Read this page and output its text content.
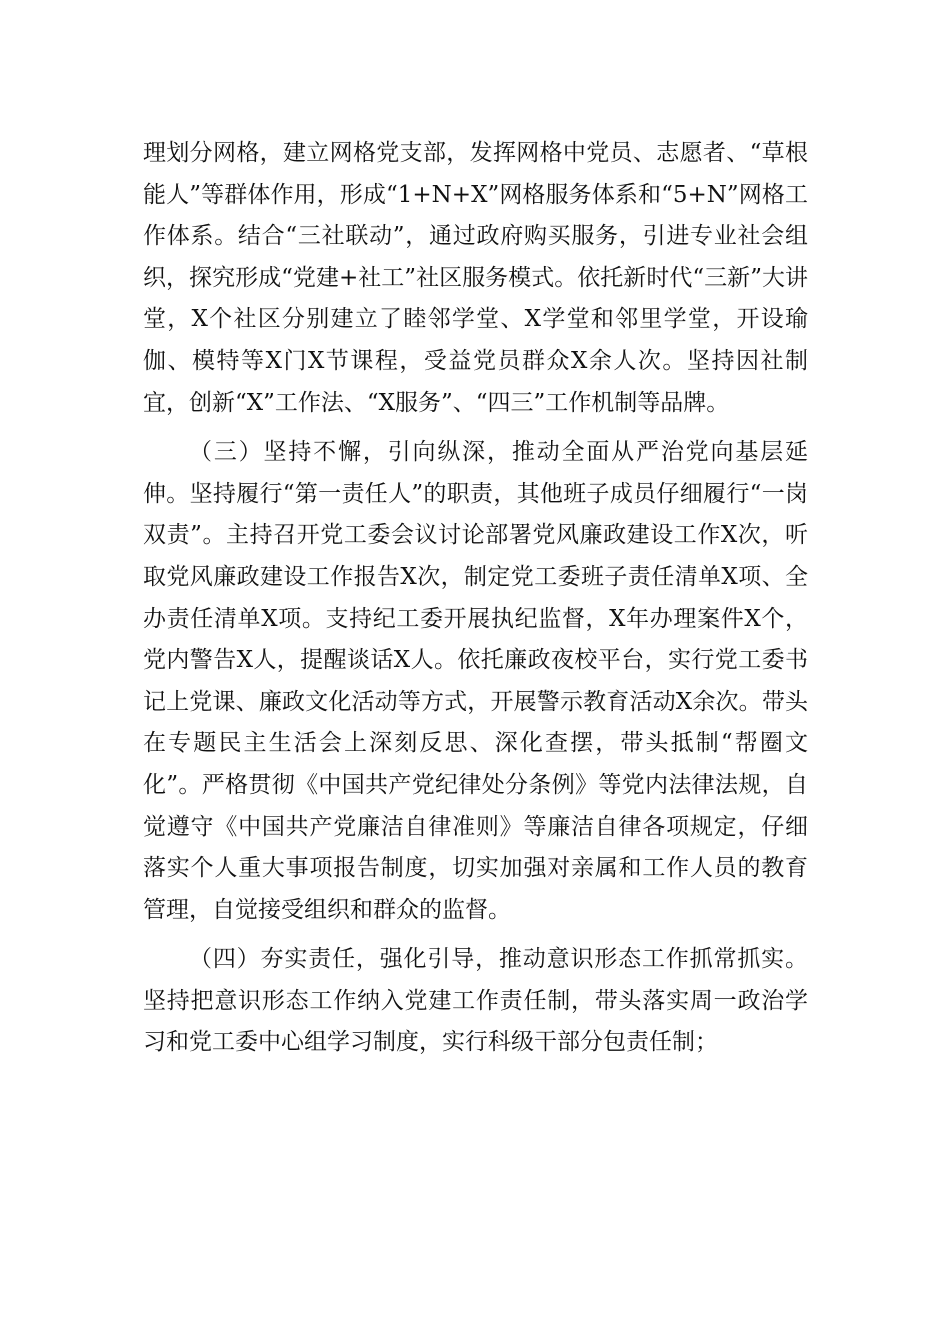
理划分网格，建立网格党支部，发挥网格中党员、志愿者、“草根能人”等群体作用，形成“1+N+X”网格服务体系和“5+N”网格工作体系。结合“三社联动”，通过政府购买服务，引进专业社会组织，探究形成“党建+社工”社区服务模式。依托新时代“三新”大讲堂，X个社区分别建立了睦邻学堂、X学堂和邻里学堂，开设瑜伽、模特等X门X节课程，受益党员群众X余人次。坚持因社制宜，创新“X”工作法、“X服务”、“四三”工作机制等品牌。

（三）坚持不懈，引向纵深，推动全面从严治党向基层延伸。坚持履行“第一责任人”的职责，其他班子成员仔细履行“一岗双责”。主持召开党工委会议讨论部署党风廉政建设工作X次，听取党风廉政建设工作报告X次，制定党工委班子责任清单X项、全办责任清单X项。支持纪工委开展执纪监督，X年办理案件X个，党内警告X人，提醒谈话X人。依托廉政夜校平台，实行党工委书记上党课、廉政文化活动等方式，开展警示教育活动X余次。带头在专题民主生活会上深刻反思、深化查摆，带头抵制“帮圈文化”。严格贯彻《中国共产党纪律处分条例》等党内法律法规，自觉遵守《中国共产党廉洁自律准则》等廉洁自律各项规定，仔细落实个人重大事项报告制度，切实加强对亲属和工作人员的教育管理，自觉接受组织和群众的监督。

（四）夯实责任，强化引导，推动意识形态工作抓常抓实。坚持把意识形态工作纳入党建工作责任制，带头落实周一政治学习和党工委中心组学习制度，实行科级干部分包责任制；
